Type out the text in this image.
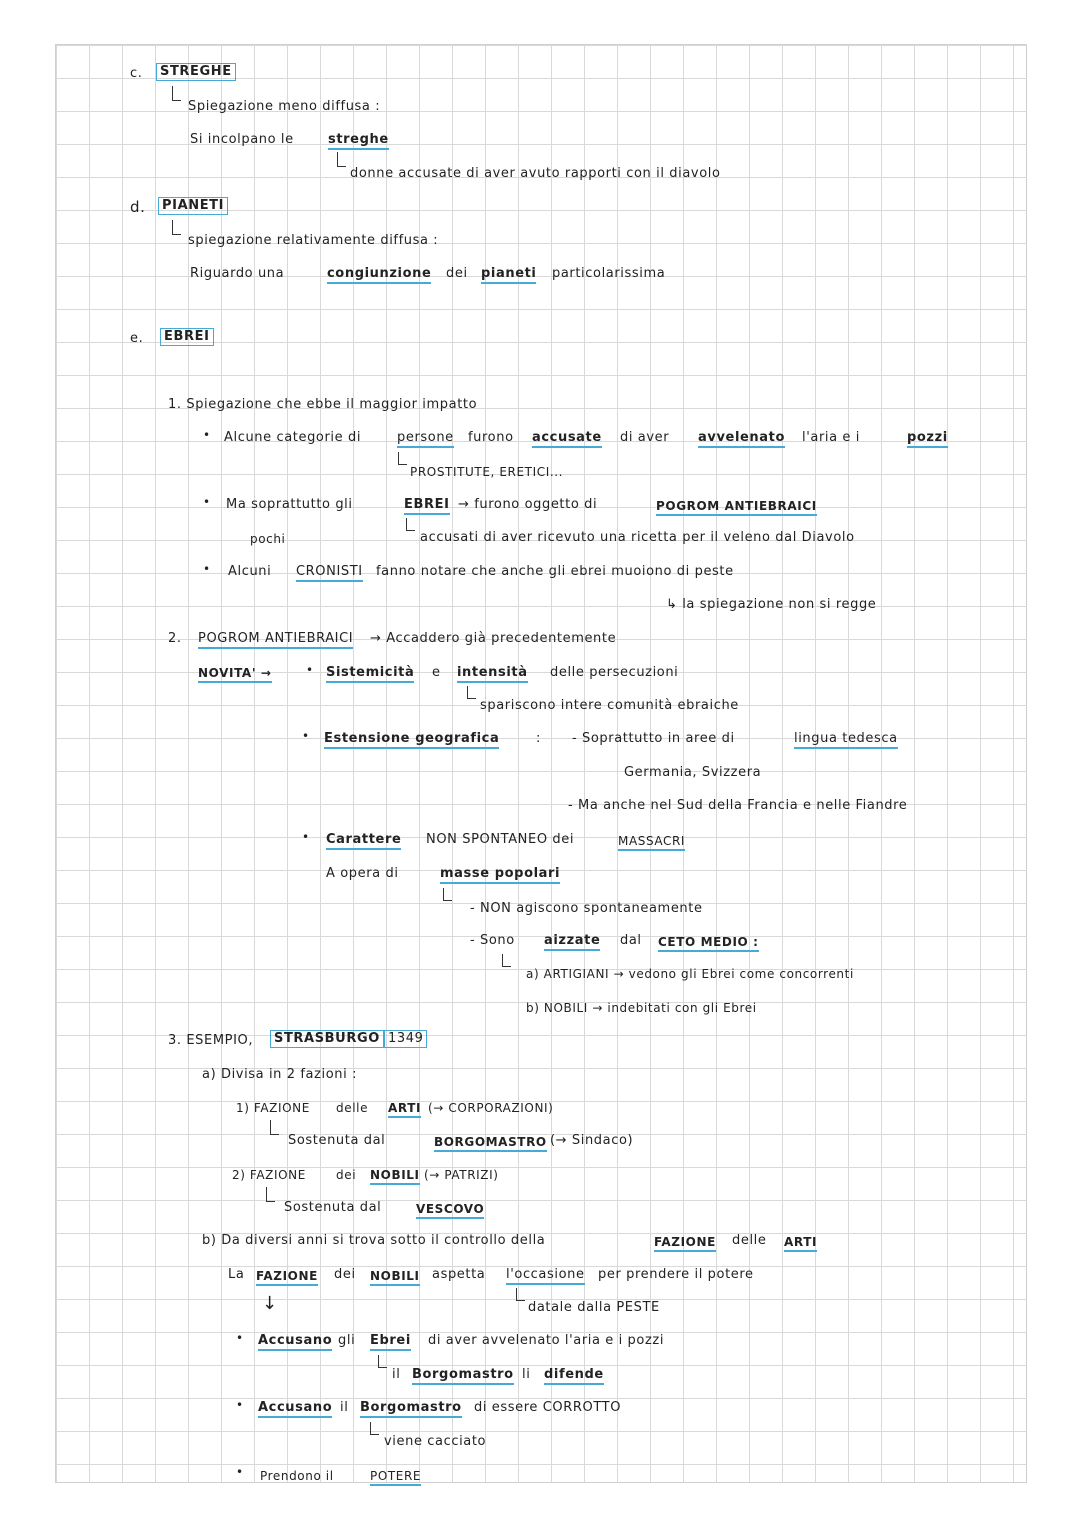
c.	STREGHE
Spiegazione meno diffusa :
Si incolpano le	streghe
donne accusate di aver avuto rapporti con il diavolo
d.	PIANETI
spiegazione relativamente diffusa :
Riguardo una	congiunzione dei pianeti particolarissima
e.	EBREI
1. Spiegazione che ebbe il maggior impatto
• Alcune categorie di	persone furono accusate di aver avvelenato l'aria e i	pozzi
PROSTITUTE, ERETICI...
• Ma soprattutto gli	EBREI → furono oggetto di	POGROM ANTIEBRAICI
accusati di aver ricevuto una ricetta per il veleno dal Diavolo
pochi
• Alcuni CRONISTI fanno notare che anche gli ebrei muoiono di peste
↳ la spiegazione non si regge
2. POGROM ANTIEBRAICI → Accaddero già precedentemente
NOVITA' →	• Sistemicità e intensità delle persecuzioni
spariscono intere comunità ebraiche
• Estensione geografica	: - Soprattutto in aree di	lingua tedesca
Germania, Svizzera
- Ma anche nel Sud della Francia e nelle Fiandre
• Carattere NON SPONTANEO dei	MASSACRI
A opera di	masse popolari
- NON agiscono spontaneamente
- Sono aizzate dal CETO MEDIO :
a) ARTIGIANI → vedono gli Ebrei come concorrenti
b) NOBILI → indebitati con gli Ebrei
3. ESEMPIO,	STRASBURGO 1349
a) Divisa in 2 fazioni :
1) FAZIONE delle ARTI (→ CORPORAZIONI)
Sostenuta dal	BORGOMASTRO (→ Sindaco)
2) FAZIONE	dei NOBILI (→ PATRIZI)
Sostenuta dal	VESCOVO
b) Da diversi anni si trova sotto il controllo della	FAZIONE delle ARTI
La FAZIONE dei NOBILI aspetta l'occasione per prendere il potere
datale dalla PESTE
↓
• Accusano gli Ebrei di aver avvelenato l'aria e i pozzi
il Borgomastro li difende
• Accusano il Borgomastro di essere CORROTTO
viene cacciato
• Prendono il	POTERE
